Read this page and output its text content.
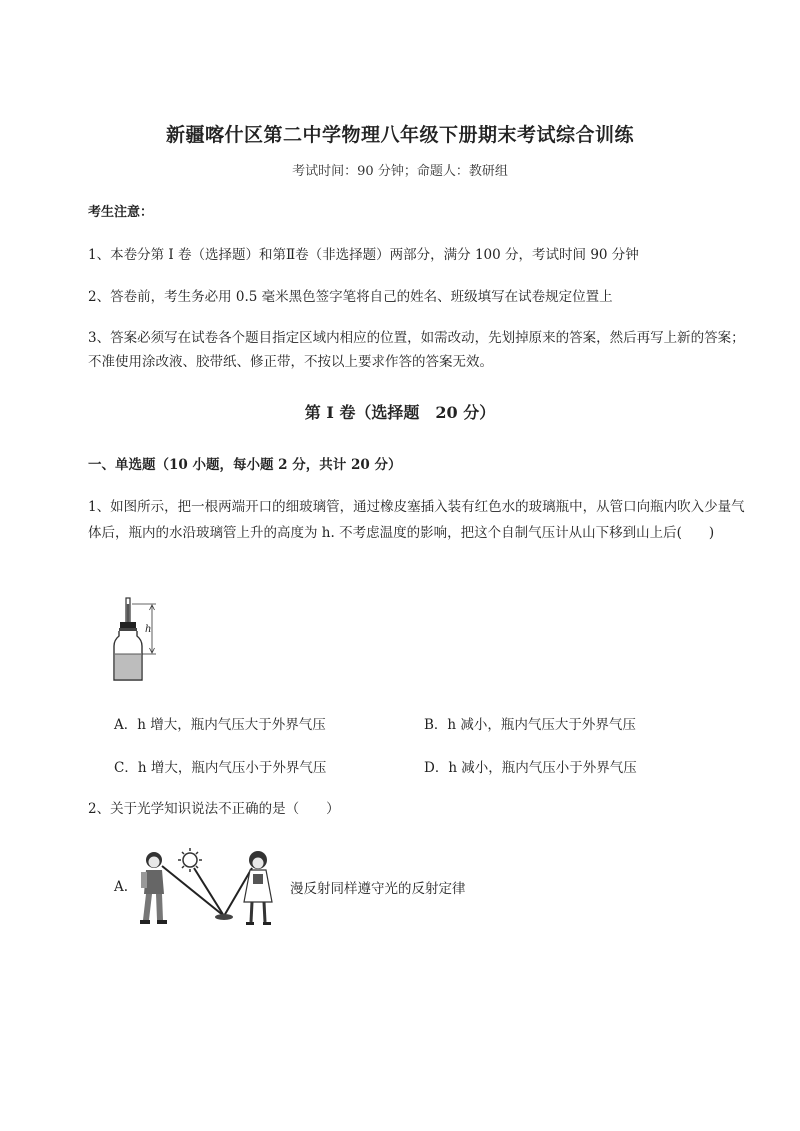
新疆喀什区第二中学物理八年级下册期末考试综合训练
考试时间：90 分钟；命题人：教研组
考生注意：
1、本卷分第 I 卷（选择题）和第Ⅱ卷（非选择题）两部分，满分 100 分，考试时间 90 分钟
2、答卷前，考生务必用 0.5 毫米黑色签字笔将自己的姓名、班级填写在试卷规定位置上
3、答案必须写在试卷各个题目指定区域内相应的位置，如需改动，先划掉原来的答案，然后再写上新的答案；不准使用涂改液、胶带纸、修正带，不按以上要求作答的答案无效。
第 I 卷（选择题　20 分）
一、单选题（10 小题，每小题 2 分，共计 20 分）
1、如图所示，把一根两端开口的细玻璃管，通过橡皮塞插入装有红色水的玻璃瓶中，从管口向瓶内吹入少量气体后，瓶内的水沿玻璃管上升的高度为 h. 不考虑温度的影响，把这个自制气压计从山下移到山上后(　　)
h
A．h 增大，瓶内气压大于外界气压	B．h 减小，瓶内气压大于外界气压
C．h 增大，瓶内气压小于外界气压	D．h 减小，瓶内气压小于外界气压
2、关于光学知识说法不正确的是（　　）
A.	漫反射同样遵守光的反射定律
